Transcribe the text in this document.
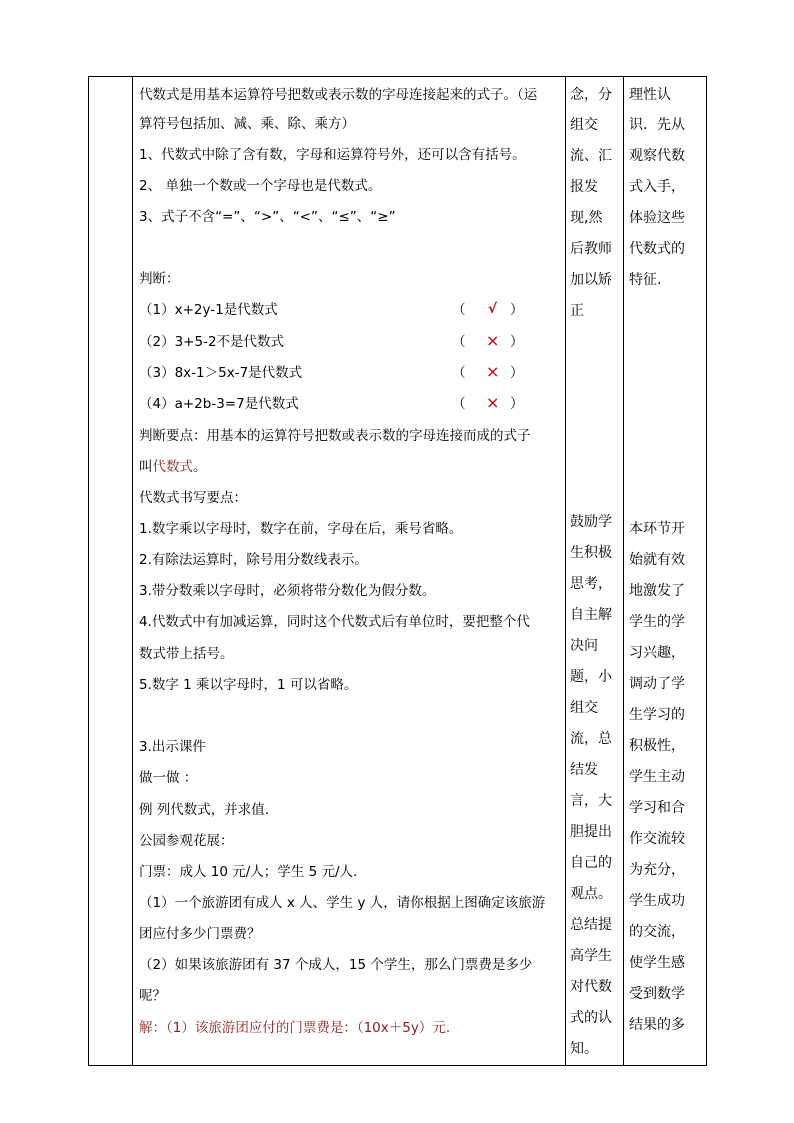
代数式是用基本运算符号把数或表示数的字母连接起来的式子。（运
算符号包括加、减、乘、除、乘方）
1、代数式中除了含有数，字母和运算符号外，还可以含有括号。
2、 单独一个数或一个字母也是代数式。
3、式子不含“=”、“>”、“<”、“≤”、“≥”
判断：
（1）x+2y-1是代数式	（ √ ）
（2）3+5-2不是代数式	（ × ）
（3）8x-1＞5x-7是代数式	（ × ）
（4）a+2b-3=7是代数式	（ × ）
判断要点：用基本的运算符号把数或表示数的字母连接而成的式子
叫代数式。
代数式书写要点：
1.数字乘以字母时，数字在前，字母在后，乘号省略。
2.有除法运算时，除号用分数线表示。
3.带分数乘以字母时，必须将带分数化为假分数。
4.代数式中有加减运算，同时这个代数式后有单位时，要把整个代
数式带上括号。
5.数字 1 乘以字母时，1 可以省略。
3.出示课件
做一做 ：
例 列代数式，并求值.
公园参观花展：
门票：成人 10 元/人；学生 5 元/人.
（1）一个旅游团有成人 x 人、学生 y 人，请你根据上图确定该旅游
团应付多少门票费？
（2）如果该旅游团有 37 个成人，15 个学生，那么门票费是多少
呢？
解：（1）该旅游团应付的门票费是：（10x＋5y）元.
念，分
组交
流、汇
报发
现,然
后教师
加以矫
正
鼓励学
生积极
思考，
自主解
决问
题，小
组交
流，总
结发
言，大
胆提出
自己的
观点。
总结提
高学生
对代数
式的认
知。
理性认
识．先从
观察代数
式入手，
体验这些
代数式的
特征.
本环节开
始就有效
地激发了
学生的学
习兴趣，
调动了学
生学习的
积极性，
学生主动
学习和合
作交流较
为充分，
学生成功
的交流，
使学生感
受到数学
结果的多
